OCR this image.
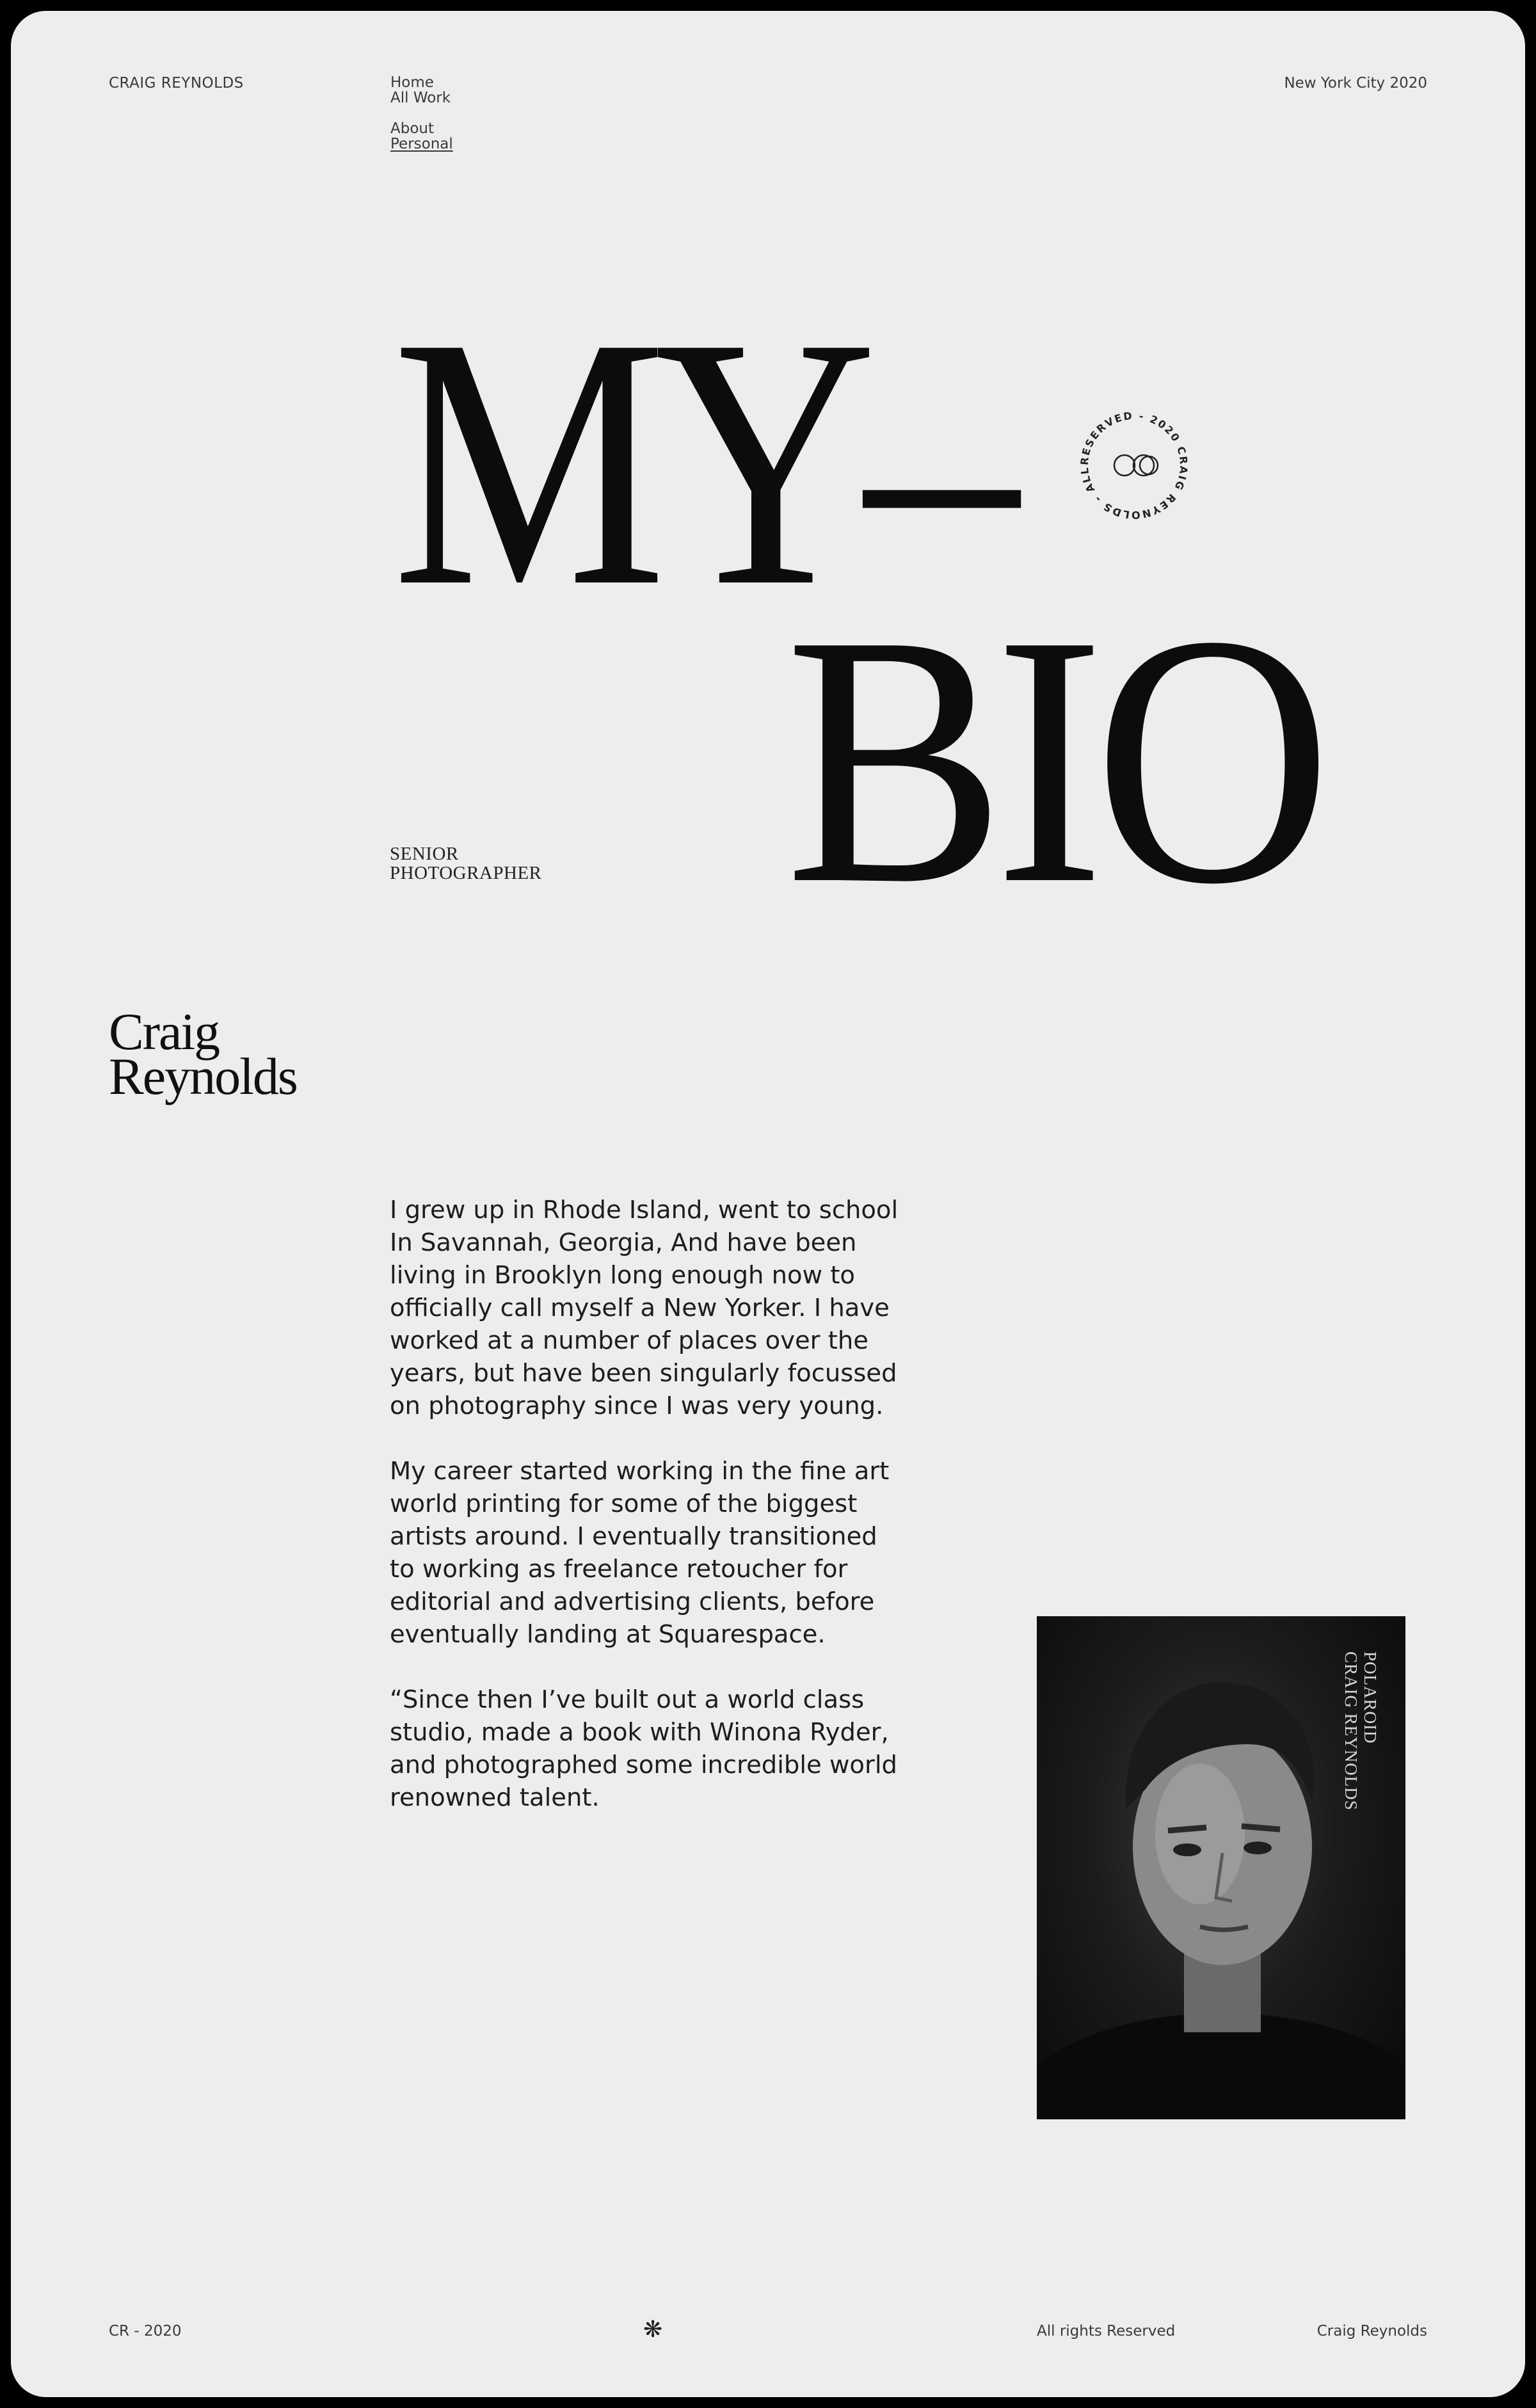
CRAIG REYNOLDS	Home
All Work
About
Personal
New York City 2020
MY–
BIO
RESERVED - 2020 CRAIG REYNOLDS - ALL
SENIOR
PHOTOGRAPHER
Craig
Reynolds

I grew up in Rhode Island, went to school In Savannah, Georgia, And have been living in Brooklyn long enough now to officially call myself a New Yorker. I have worked at a number of places over the years, but have been singularly focussed on photography since I was very young.

My career started working in the fine art world printing for some of the biggest artists around. I eventually transitioned to working as freelance retoucher for editorial and advertising clients, before eventually landing at Squarespace.

“Since then I’ve built out a world class studio, made a book with Winona Ryder, and photographed some incredible world renowned talent.

POLAROID
CRAIG REYNOLDS
CR - 2020	❋	All rights Reserved	Craig Reynolds
